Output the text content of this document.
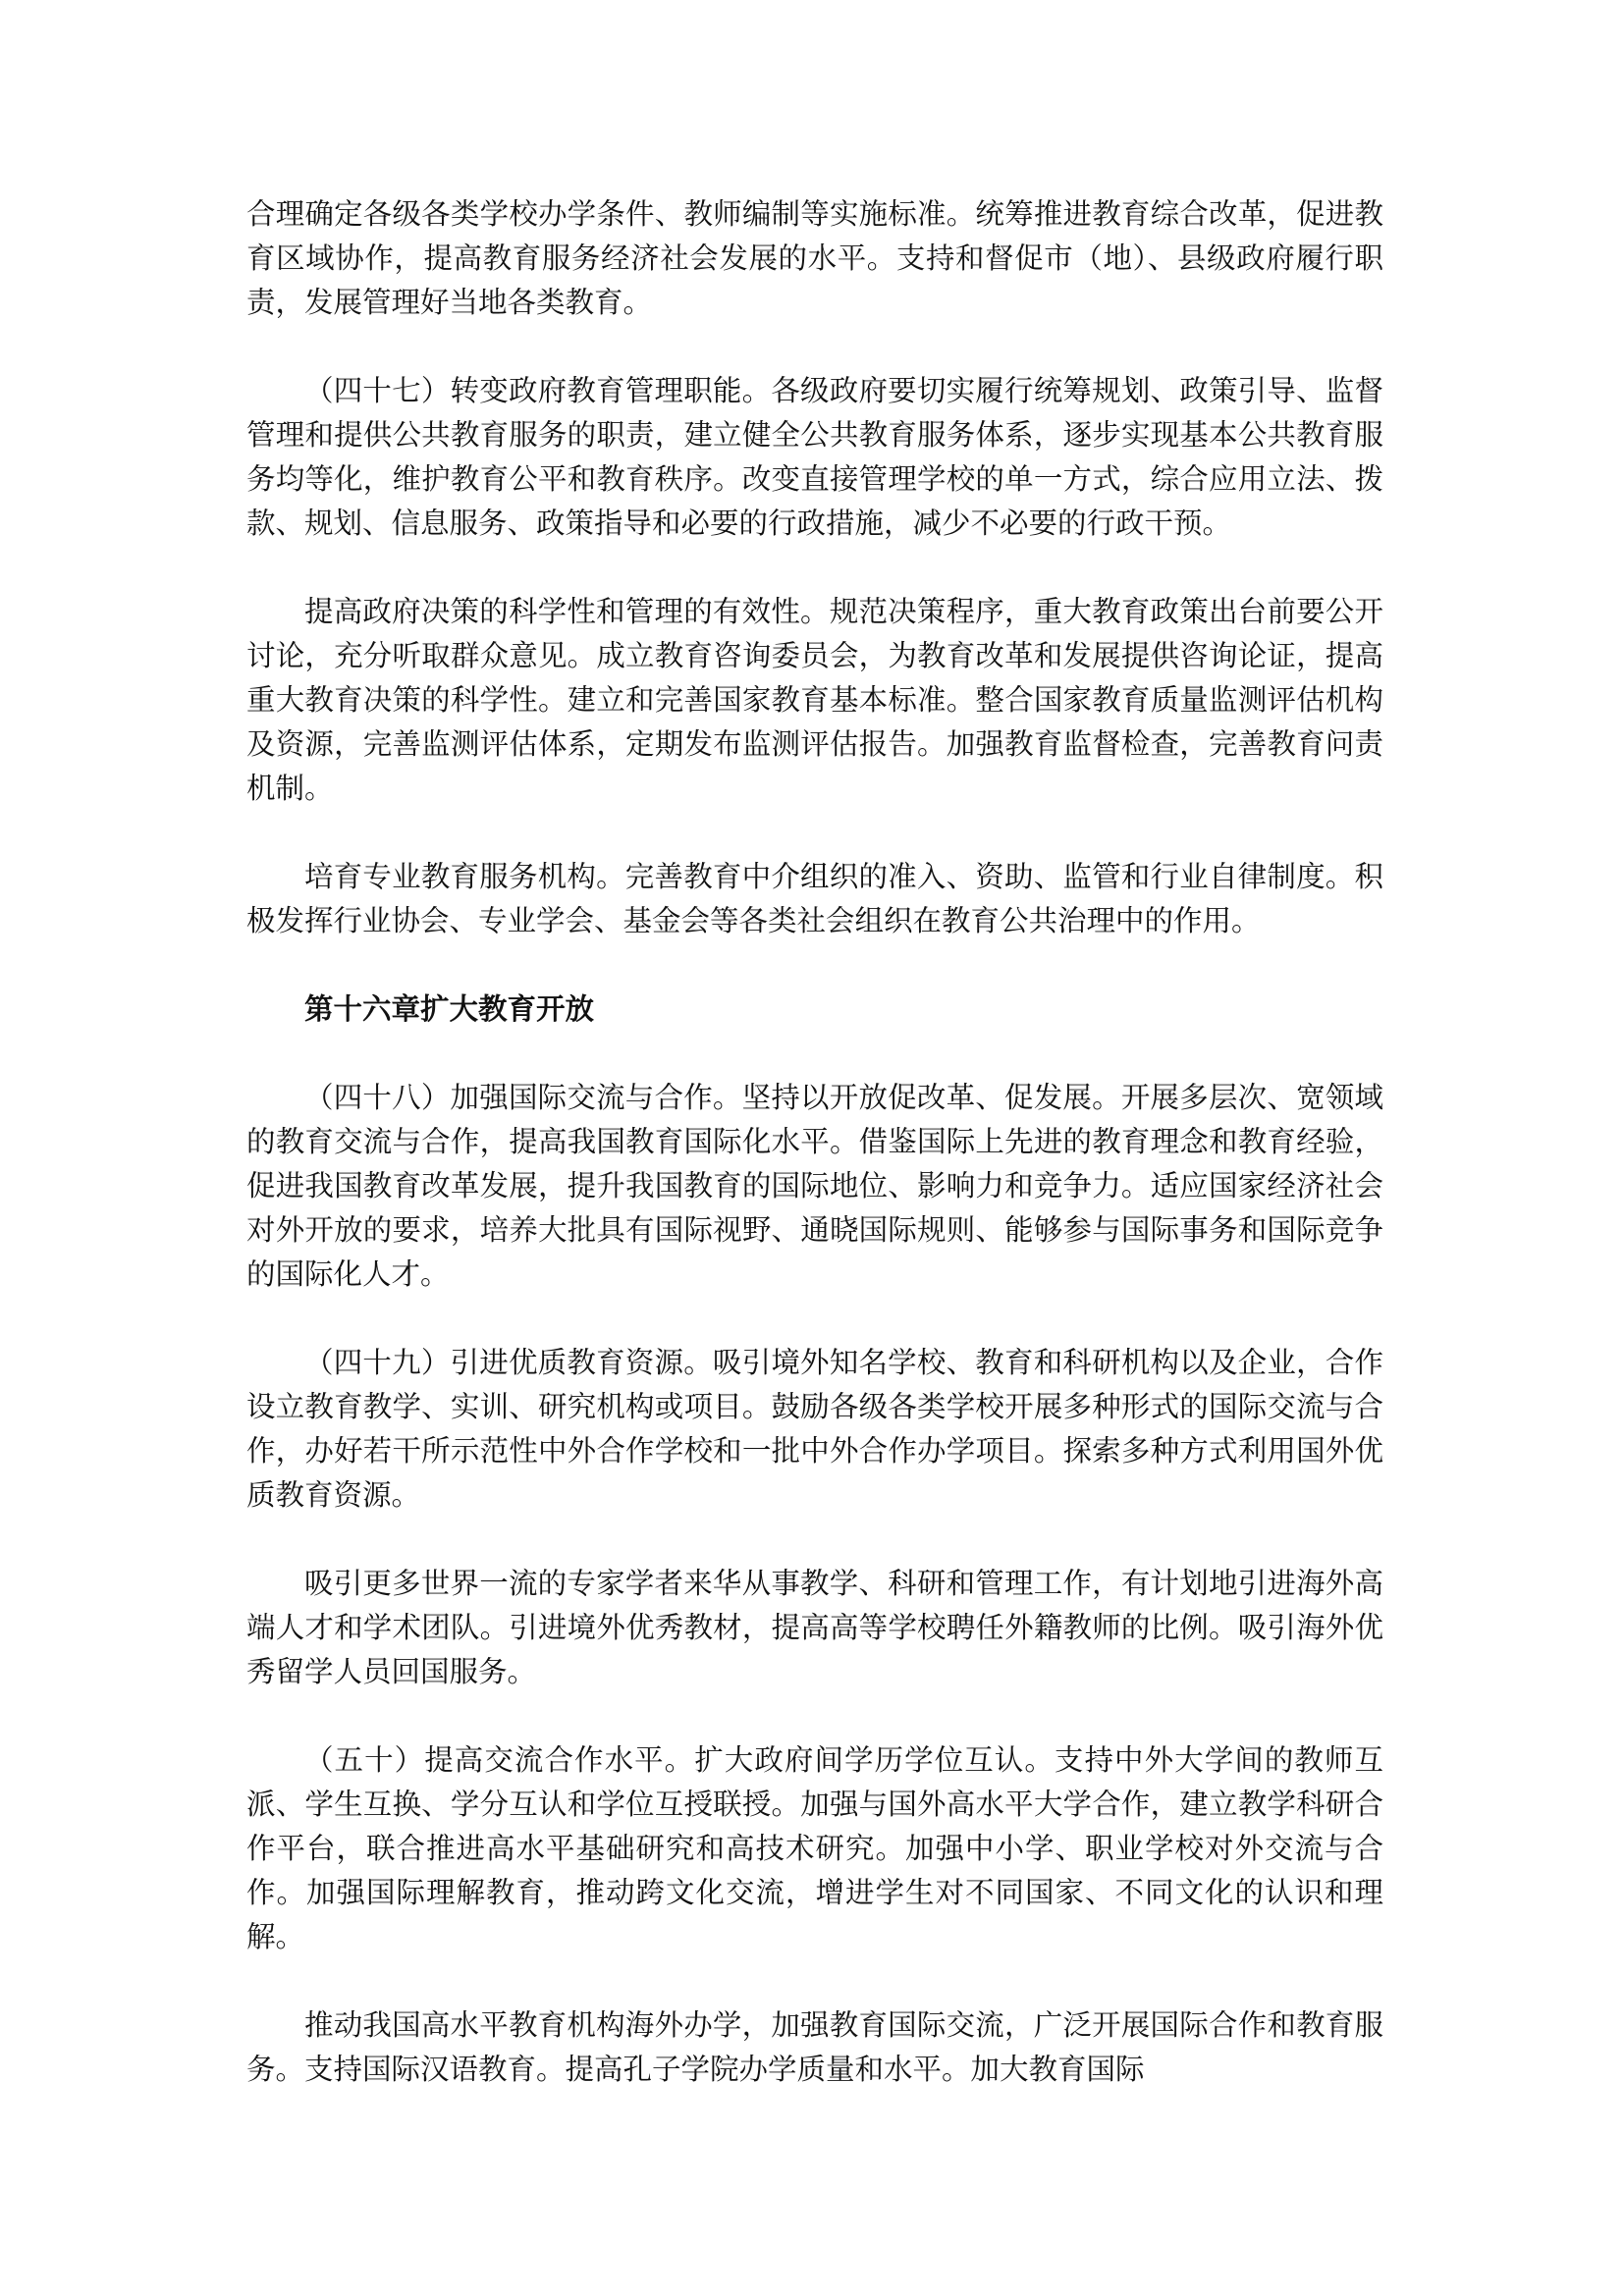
合理确定各级各类学校办学条件、教师编制等实施标准。统筹推进教育综合改革，促进教育区域协作，提高教育服务经济社会发展的水平。支持和督促市（地）、县级政府履行职责，发展管理好当地各类教育。

（四十七）转变政府教育管理职能。各级政府要切实履行统筹规划、政策引导、监督管理和提供公共教育服务的职责，建立健全公共教育服务体系，逐步实现基本公共教育服务均等化，维护教育公平和教育秩序。改变直接管理学校的单一方式，综合应用立法、拨款、规划、信息服务、政策指导和必要的行政措施，减少不必要的行政干预。

提高政府决策的科学性和管理的有效性。规范决策程序，重大教育政策出台前要公开讨论，充分听取群众意见。成立教育咨询委员会，为教育改革和发展提供咨询论证，提高重大教育决策的科学性。建立和完善国家教育基本标准。整合国家教育质量监测评估机构及资源，完善监测评估体系，定期发布监测评估报告。加强教育监督检查，完善教育问责机制。

培育专业教育服务机构。完善教育中介组织的准入、资助、监管和行业自律制度。积极发挥行业协会、专业学会、基金会等各类社会组织在教育公共治理中的作用。

第十六章扩大教育开放

（四十八）加强国际交流与合作。坚持以开放促改革、促发展。开展多层次、宽领域的教育交流与合作，提高我国教育国际化水平。借鉴国际上先进的教育理念和教育经验，促进我国教育改革发展，提升我国教育的国际地位、影响力和竞争力。适应国家经济社会对外开放的要求，培养大批具有国际视野、通晓国际规则、能够参与国际事务和国际竞争的国际化人才。

（四十九）引进优质教育资源。吸引境外知名学校、教育和科研机构以及企业，合作设立教育教学、实训、研究机构或项目。鼓励各级各类学校开展多种形式的国际交流与合作，办好若干所示范性中外合作学校和一批中外合作办学项目。探索多种方式利用国外优质教育资源。

吸引更多世界一流的专家学者来华从事教学、科研和管理工作，有计划地引进海外高端人才和学术团队。引进境外优秀教材，提高高等学校聘任外籍教师的比例。吸引海外优秀留学人员回国服务。

（五十）提高交流合作水平。扩大政府间学历学位互认。支持中外大学间的教师互派、学生互换、学分互认和学位互授联授。加强与国外高水平大学合作，建立教学科研合作平台，联合推进高水平基础研究和高技术研究。加强中小学、职业学校对外交流与合作。加强国际理解教育，推动跨文化交流，增进学生对不同国家、不同文化的认识和理解。

推动我国高水平教育机构海外办学，加强教育国际交流，广泛开展国际合作和教育服务。支持国际汉语教育。提高孔子学院办学质量和水平。加大教育国际
